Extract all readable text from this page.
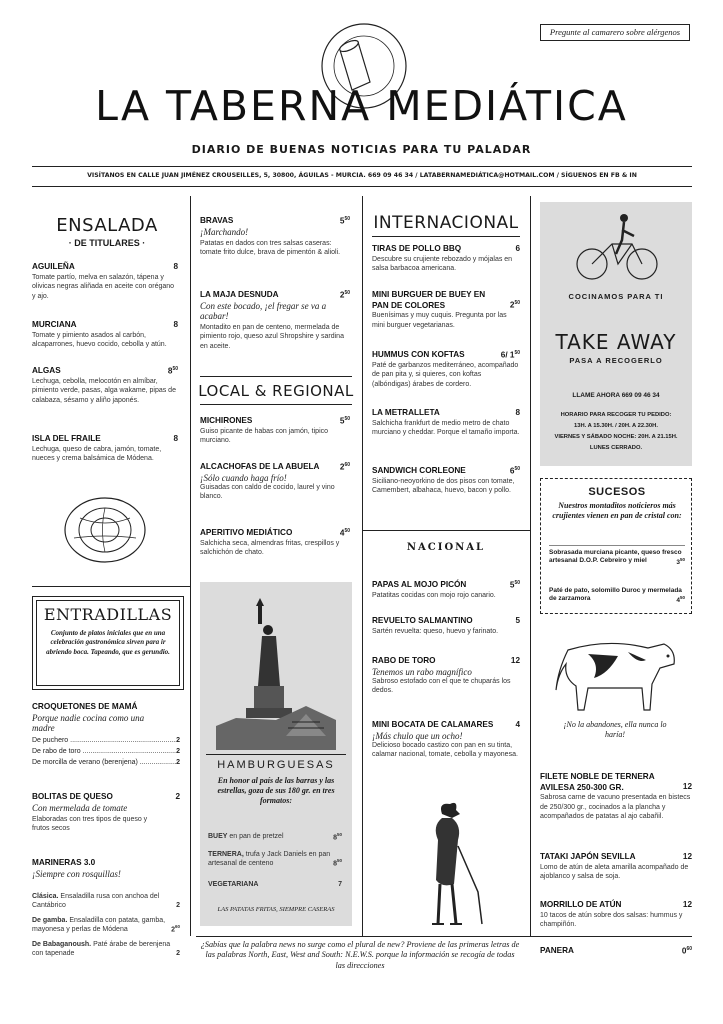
Pregunte al camarero sobre alérgenos
LA TABERNA MEDIÁTICA
DIARIO DE BUENAS NOTICIAS PARA TU PALADAR
VISÍTANOS EN CALLE JUAN JIMÉNEZ CROUSEILLES, 5, 30800, ÁGUILAS - MURCIA. 669 09 46 34 / LATABERNAMEDIÁTICA@HOTMAIL.COM / SÍGUENOS EN FB & IN
ENSALADA
· DE TITULARES ·
AGUILEÑA	8
Tomate partío, melva en salazón, tápena y olivicas negras aliñada en aceite con orégano y ajo.
MURCIANA	8
Tomate y pimiento asados al carbón, alcaparrones, huevo cocido, cebolla y atún.
ALGAS	$8^{50}$
Lechuga, cebolla, melocotón en almíbar, pimiento verde, pasas, alga wakame, pipas de calabaza, sésamo y aliño japonés.
ISLA DEL FRAILE	8
Lechuga, queso de cabra, jamón, tomate, nueces y crema balsámica de Módena.
BRAVAS	$5^{50}$
¡Marchando!
Patatas en dados con tres salsas caseras: tomate frito dulce, brava de pimentón & alioli.
LA MAJA DESNUDA	$2^{50}$
Con este bocado, ¡el fregar se va a acabar!
Montadito en pan de centeno, mermelada de pimiento rojo, queso azul Shropshire y sardina en aceite.
LOCAL & REGIONAL
MICHIRONES	$5^{50}$
Guiso picante de habas con jamón, tipico murciano.
ALCACHOFAS DE LA ABUELA	$2^{60}$
¡Sólo cuando haga frío!
Guisadas con caldo de cocido, laurel y vino blanco.
APERITIVO MEDIÁTICO	$4^{50}$
Salchicha seca, almendras fritas, crespillos y salchichón de chato.
INTERNACIONAL
TIRAS DE POLLO BBQ	6
Descubre su crujiente rebozado y mójalas en salsa barbacoa americana.
MINI BURGUER DE BUEY EN PAN DE COLORES	$2^{50}$
Buenísimas y muy cuquis. Pregunta por las mini burguer vegetarianas.
HUMMUS CON KOFTAS	6/ $1^{50}$
Paté de garbanzos mediterráneo, acompañado de pan pita y, si quieres, con koftas (albóndigas) árabes de cordero.
LA METRALLETA	8
Salchicha frankfurt de medio metro de chato murciano y cheddar. Porque el tamaño importa.
SANDWICH CORLEONE	$6^{50}$
Siciliano-neoyorkino de dos pisos con tomate, Camembert, albahaca, huevo, bacon y pollo.
COCINAMOS PARA TI
TAKE AWAY
PASA A RECOGERLO
LLAME AHORA 669 09 46 34
HORARIO PARA RECOGER TU PEDIDO:
13H. A 15.30H. / 20H. A 22.30H.
VIERNES Y SÁBADO NOCHE: 20H. A 21.15H.
LUNES CERRADO.
SUCESOS
Nuestros montaditos noticieros más crujientes vienen en pan de cristal con:
Sobrasada murciana picante, queso fresco artesanal D.O.P. Cebreiro y miel	$3^{50}$
Paté de pato, solomillo Duroc y mermelada de zarzamora	$4^{50}$
ENTRADILLAS
Conjunto de platos iniciales que en una celebración gastronómica sirven para ir abriendo boca. Tapeando, que es gerundio.
CROQUETONES DE MAMÁ
Porque nadie cocina como una madre
De puchero .....	2
De rabo de toro .....	2
De morcilla de verano (berenjena) .....	2
BOLITAS DE QUESO	2
Con mermelada de tomate
Elaboradas con tres tipos de queso y frutos secos
MARINERAS 3.0
¡Siempre con rosquillas!
Clásica. Ensaladilla rusa con anchoa del Cantábrico	2
De gamba. Ensaladilla con patata, gamba, mayonesa y perlas de Módena	$2^{60}$
De Babaganoush. Paté árabe de berenjena con tapenade	2
HAMBURGUESAS
En honor al país de las barras y las estrellas, goza de sus 180 gr. en tres formatos:
BUEY en pan de pretzel	$8^{50}$
TERNERA, trufa y Jack Daniels en pan artesanal de centeno	$8^{50}$
VEGETARIANA	7
LAS PATATAS FRITAS, SIEMPRE CASERAS
NACIONAL
PAPAS AL MOJO PICÓN	$5^{50}$
Patatitas cocidas con mojo rojo canario.
REVUELTO SALMANTINO	5
Sartén revuelta: queso, huevo y farinato.
RABO DE TORO	12
Tenemos un rabo magnífico
Sabroso estofado con el que te chuparás los dedos.
MINI BOCATA DE CALAMARES	4
¡Más chulo que un ocho!
Delicioso bocado castizo con pan en su tinta, calamar nacional, tomate, cebolla y mayonesa.
¡No la abandones, ella nunca lo haría!
FILETE NOBLE DE TERNERA AVILESA 250-300 GR.	12
Sabrosa carne de vacuno presentada en bistecs de 250/300 gr., cocinados a la plancha y acompañados de patatas al ajo cabañil.
TATAKI JAPÓN SEVILLA	12
Lomo de atún de aleta amarilla acompañado de ajoblanco y salsa de soja.
MORRILLO DE ATÚN	12
10 tacos de atún sobre dos salsas: hummus y champiñón.
PANERA	$0^{60}$
¿Sabías que la palabra news no surge como el plural de new? Proviene de las primeras letras de las palabras North, East, West and South: N.E.W.S. porque la información se recogía de todas las direcciones
